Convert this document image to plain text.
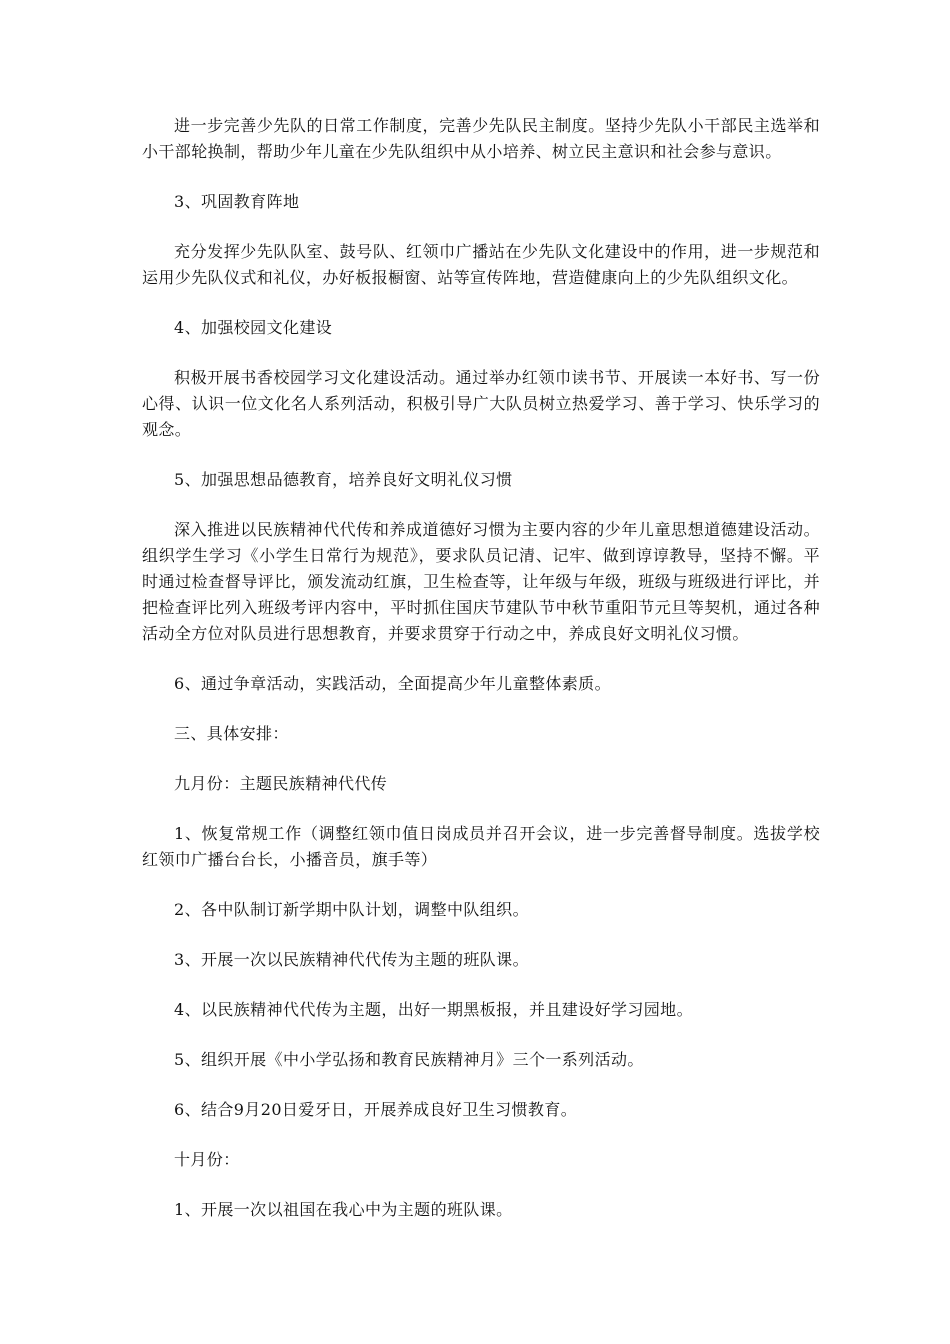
进一步完善少先队的日常工作制度，完善少先队民主制度。坚持少先队小干部民主选举和小干部轮换制，帮助少年儿童在少先队组织中从小培养、树立民主意识和社会参与意识。

3、巩固教育阵地

充分发挥少先队队室、鼓号队、红领巾广播站在少先队文化建设中的作用，进一步规范和运用少先队仪式和礼仪，办好板报橱窗、站等宣传阵地，营造健康向上的少先队组织文化。

4、加强校园文化建设

积极开展书香校园学习文化建设活动。通过举办红领巾读书节、开展读一本好书、写一份心得、认识一位文化名人系列活动，积极引导广大队员树立热爱学习、善于学习、快乐学习的观念。

5、加强思想品德教育，培养良好文明礼仪习惯

深入推进以民族精神代代传和养成道德好习惯为主要内容的少年儿童思想道德建设活动。组织学生学习《小学生日常行为规范》，要求队员记清、记牢、做到谆谆教导，坚持不懈。平时通过检查督导评比，颁发流动红旗，卫生检查等，让年级与年级，班级与班级进行评比，并把检查评比列入班级考评内容中，平时抓住国庆节建队节中秋节重阳节元旦等契机，通过各种活动全方位对队员进行思想教育，并要求贯穿于行动之中，养成良好文明礼仪习惯。

6、通过争章活动，实践活动，全面提高少年儿童整体素质。

三、具体安排：

九月份：主题民族精神代代传

1、恢复常规工作（调整红领巾值日岗成员并召开会议，进一步完善督导制度。选拔学校红领巾广播台台长，小播音员，旗手等）

2、各中队制订新学期中队计划，调整中队组织。

3、开展一次以民族精神代代传为主题的班队课。

4、以民族精神代代传为主题，出好一期黑板报，并且建设好学习园地。

5、组织开展《中小学弘扬和教育民族精神月》三个一系列活动。

6、结合9月20日爱牙日，开展养成良好卫生习惯教育。

十月份：

1、开展一次以祖国在我心中为主题的班队课。
